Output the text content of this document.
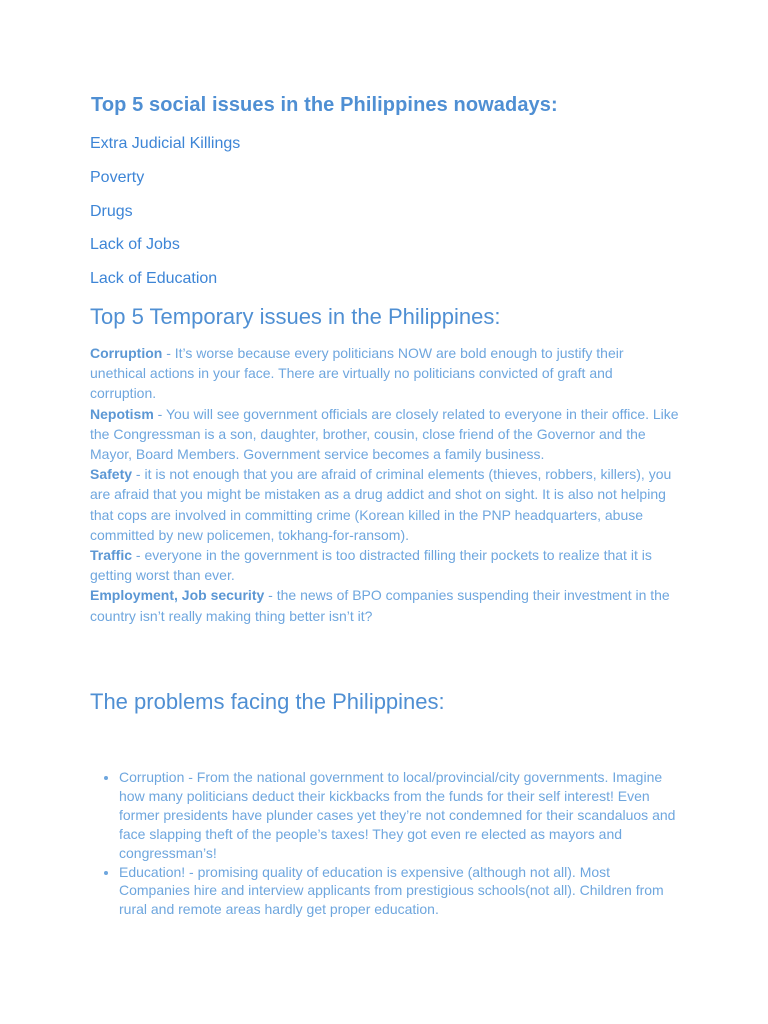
Top 5 social issues in the Philippines nowadays:
Extra Judicial Killings
Poverty
Drugs
Lack of Jobs
Lack of Education
Top 5 Temporary issues in the Philippines:
Corruption - It’s worse because every politicians NOW are bold enough to justify their unethical actions in your face. There are virtually no politicians convicted of graft and corruption.
Nepotism - You will see government officials are closely related to everyone in their office. Like the Congressman is a son, daughter, brother, cousin, close friend of the Governor and the Mayor, Board Members. Government service becomes a family business.
Safety - it is not enough that you are afraid of criminal elements (thieves, robbers, killers), you are afraid that you might be mistaken as a drug addict and shot on sight. It is also not helping that cops are involved in committing crime (Korean killed in the PNP headquarters, abuse committed by new policemen, tokhang-for-ransom).
Traffic - everyone in the government is too distracted filling their pockets to realize that it is getting worst than ever.
Employment, Job security - the news of BPO companies suspending their investment in the country isn’t really making thing better isn’t it?
The problems facing the Philippines:
• Corruption - From the national government to local/provincial/city governments. Imagine how many politicians deduct their kickbacks from the funds for their self interest! Even former presidents have plunder cases yet they’re not condemned for their scandaluos and face slapping theft of the people’s taxes! They got even re elected as mayors and congressman’s!
• Education! - promising quality of education is expensive (although not all). Most Companies hire and interview applicants from prestigious schools(not all). Children from rural and remote areas hardly get proper education.
